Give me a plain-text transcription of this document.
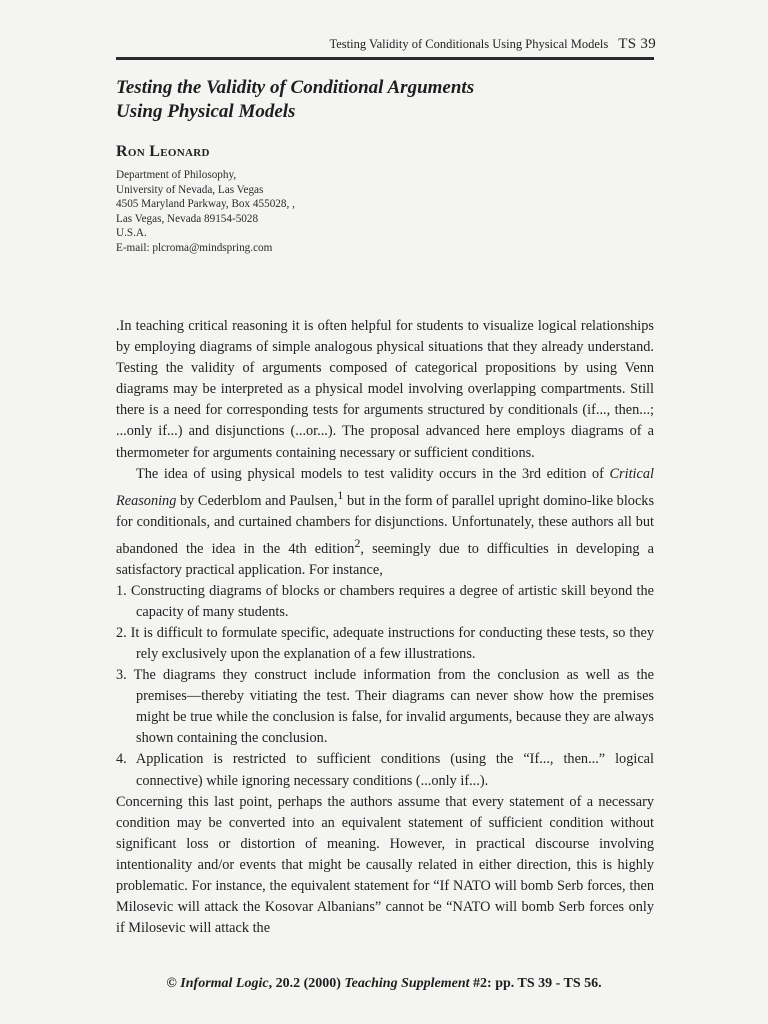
Testing Validity of Conditionals Using Physical Models TS 39
Testing the Validity of Conditional Arguments
Using Physical Models
Ron Leonard
Department of Philosophy,
University of Nevada, Las Vegas
4505 Maryland Parkway, Box 455028, ,
Las Vegas, Nevada 89154-5028
U.S.A.
E-mail: plcroma@mindspring.com

.In teaching critical reasoning it is often helpful for students to visualize logical relationships by employing diagrams of simple analogous physical situations that they already understand. Testing the validity of arguments composed of categorical propositions by using Venn diagrams may be interpreted as a physical model involving overlapping compartments. Still there is a need for corresponding tests for arguments structured by conditionals (if..., then...; ...only if...) and disjunctions (...or...). The proposal advanced here employs diagrams of a thermometer for arguments containing necessary or sufficient conditions.

The idea of using physical models to test validity occurs in the 3rd edition of Critical Reasoning by Cederblom and Paulsen,$^1$ but in the form of parallel upright domino-like blocks for conditionals, and curtained chambers for disjunctions. Unfortunately, these authors all but abandoned the idea in the 4th edition$^2$, seemingly due to difficulties in developing a satisfactory practical application. For instance,

1. Constructing diagrams of blocks or chambers requires a degree of artistic skill beyond the capacity of many students.
2. It is difficult to formulate specific, adequate instructions for conducting these tests, so they rely exclusively upon the explanation of a few illustrations.
3. The diagrams they construct include information from the conclusion as well as the premises—thereby vitiating the test. Their diagrams can never show how the premises might be true while the conclusion is false, for invalid arguments, because they are always shown containing the conclusion.
4. Application is restricted to sufficient conditions (using the “If..., then...” logical connective) while ignoring necessary conditions (...only if...).

Concerning this last point, perhaps the authors assume that every statement of a necessary condition may be converted into an equivalent statement of sufficient condition without significant loss or distortion of meaning. However, in practical discourse involving intentionality and/or events that might be causally related in either direction, this is highly problematic. For instance, the equivalent statement for “If NATO will bomb Serb forces, then Milosevic will attack the Kosovar Albanians” cannot be “NATO will bomb Serb forces only if Milosevic will attack the

© Informal Logic, 20.2 (2000) Teaching Supplement #2: pp. TS 39 - TS 56.
